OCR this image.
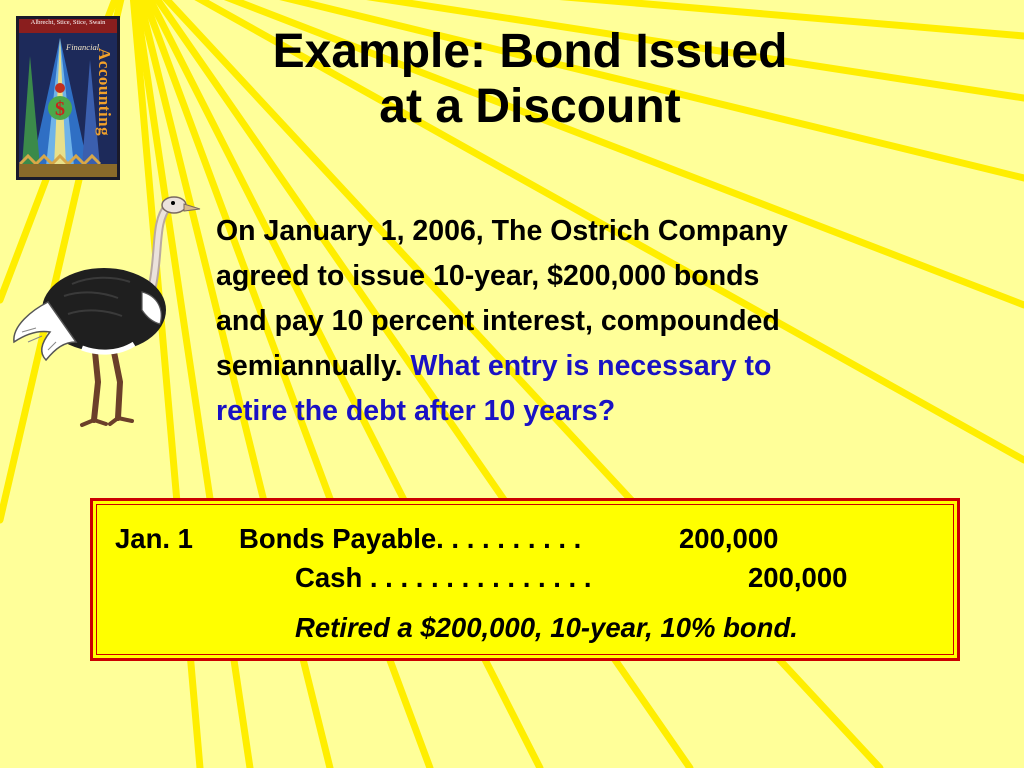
$
Albrecht, Stice, Stice, Swain
Financial
Accounting	Example: Bond Issued
at a Discount
On January 1, 2006, The Ostrich Company
agreed to issue 10-year, $200,000 bonds
and pay 10 percent interest, compounded
semiannually. What entry is necessary to
retire the debt after 10 years?
Jan. 1 Bonds Payable. . . . . . . . . .	200,000
Cash . . . . . . . . . . . . . . .	200,000
Retired a $200,000, 10-year, 10% bond.
